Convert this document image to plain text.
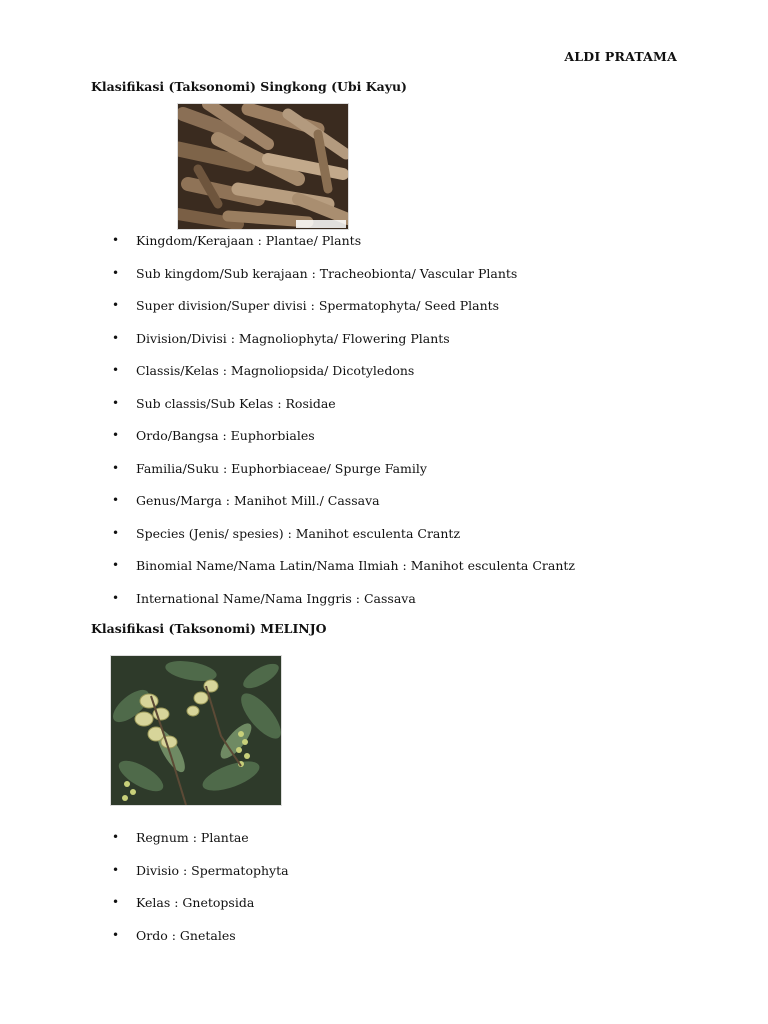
ALDI PRATAMA
Klasifikasi (Taksonomi) Singkong (Ubi Kayu)
• Kingdom/Kerajaan : Plantae/ Plants
• Sub kingdom/Sub kerajaan : Tracheobionta/ Vascular Plants
• Super division/Super divisi : Spermatophyta/ Seed Plants
• Division/Divisi : Magnoliophyta/ Flowering Plants
• Classis/Kelas : Magnoliopsida/ Dicotyledons
• Sub classis/Sub Kelas : Rosidae
• Ordo/Bangsa : Euphorbiales
• Familia/Suku : Euphorbiaceae/ Spurge Family
• Genus/Marga : Manihot Mill./ Cassava
• Species (Jenis/ spesies) : Manihot esculenta Crantz
• Binomial Name/Nama Latin/Nama Ilmiah : Manihot esculenta Crantz
• International Name/Nama Inggris : Cassava
Klasifikasi (Taksonomi) MELINJO
• Regnum : Plantae
• Divisio : Spermatophyta
• Kelas : Gnetopsida
• Ordo : Gnetales
